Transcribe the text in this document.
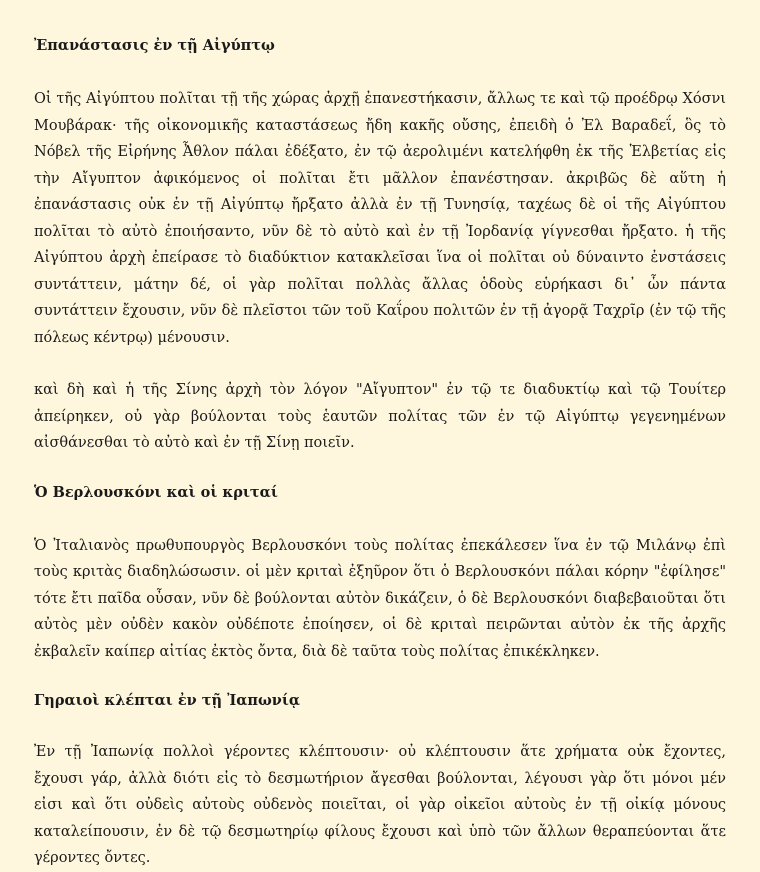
Ἐπανάστασις ἐν τῇ Αἰγύπτῳ

Οἱ τῆς Αἰγύπτου πολῖται τῇ τῆς χώρας ἀρχῇ ἐπανεστήκασιν, ἄλλως τε καὶ τῷ προέδρῳ Χόσνι Μουβάρακ· τῆς οἰκονομικῆς καταστάσεως ἤδη κακῆς οὔσης, ἐπειδὴ ὁ Ἐλ Βαραδεΐ, ὃς τὸ Νόβελ τῆς Εἰρήνης Ἆθλον πάλαι ἐδέξατο, ἐν τῷ ἀερολιμένι κατελήφθη ἐκ τῆς Ἑλβετίας εἰς τὴν Αἴγυπτον ἀφικόμενος οἱ πολῖται ἔτι μᾶλλον ἐπανέστησαν. ἀκριβῶς δὲ αὕτη ἡ ἐπανάστασις οὐκ ἐν τῇ Αἰγύπτῳ ἤρξατο ἀλλὰ ἐν τῇ Τυνησίᾳ, ταχέως δὲ οἱ τῆς Αἰγύπτου πολῖται τὸ αὐτὸ ἐποιήσαντο, νῦν δὲ τὸ αὐτὸ καὶ ἐν τῇ Ἰορδανίᾳ γίγνεσθαι ἤρξατο. ἡ τῆς Αἰγύπτου ἀρχὴ ἐπείρασε τὸ διαδύκτιον κατακλεῖσαι ἵνα οἱ πολῖται οὐ δύναιντο ἐνστάσεις συντάττειν, μάτην δέ, οἱ γὰρ πολῖται πολλὰς ἄλλας ὁδοὺς εὑρήκασι δι᾽ ὧν πάντα συντάττειν ἔχουσιν, νῦν δὲ πλεῖστοι τῶν τοῦ Καΐρου πολιτῶν ἐν τῇ ἀγορᾷ Ταχρῖρ (ἐν τῷ τῆς πόλεως κέντρῳ) μένουσιν.

καὶ δὴ καὶ ἡ τῆς Σίνης ἀρχὴ τὸν λόγον "Αἴγυπτον" ἐν τῷ τε διαδυκτίῳ καὶ τῷ Τουίτερ ἀπείρηκεν, οὐ γὰρ βούλονται τοὺς ἑαυτῶν πολίτας τῶν ἐν τῷ Αἰγύπτῳ γεγενημένων αἰσθάνεσθαι τὸ αὐτὸ καὶ ἐν τῇ Σίνῃ ποιεῖν.

Ὁ Βερλουσκόνι καὶ οἱ κριταί

Ὁ Ἰταλιανὸς πρωθυπουργὸς Βερλουσκόνι τοὺς πολίτας ἐπεκάλεσεν ἵνα ἐν τῷ Μιλάνῳ ἐπὶ τοὺς κριτὰς διαδηλώσωσιν. οἱ μὲν κριταὶ ἐξηῦρον ὅτι ὁ Βερλουσκόνι πάλαι κόρην "ἐφίλησε" τότε ἔτι παῖδα οὖσαν, νῦν δὲ βούλονται αὐτὸν δικάζειν, ὁ δὲ Βερλουσκόνι διαβεβαιοῦται ὅτι αὐτὸς μὲν οὐδὲν κακὸν οὐδέποτε ἐποίησεν, οἱ δὲ κριταὶ πειρῶνται αὐτὸν ἐκ τῆς ἀρχῆς ἐκβαλεῖν καίπερ αἰτίας ἐκτὸς ὄντα, διὰ δὲ ταῦτα τοὺς πολίτας ἐπικέκληκεν.

Γηραιοὶ κλέπται ἐν τῇ Ἰαπωνίᾳ

Ἐν τῇ Ἰαπωνίᾳ πολλοὶ γέροντες κλέπτουσιν· οὐ κλέπτουσιν ἅτε χρήματα οὐκ ἔχοντες, ἔχουσι γάρ, ἀλλὰ διότι εἰς τὸ δεσμωτήριον ἄγεσθαι βούλονται, λέγουσι γὰρ ὅτι μόνοι μέν εἰσι καὶ ὅτι οὐδεὶς αὐτοὺς οὐδενὸς ποιεῖται, οἱ γὰρ οἰκεῖοι αὐτοὺς ἐν τῇ οἰκίᾳ μόνους καταλείπουσιν, ἐν δὲ τῷ δεσμωτηρίῳ φίλους ἔχουσι καὶ ὑπὸ τῶν ἄλλων θεραπεύονται ἅτε γέροντες ὄντες.
